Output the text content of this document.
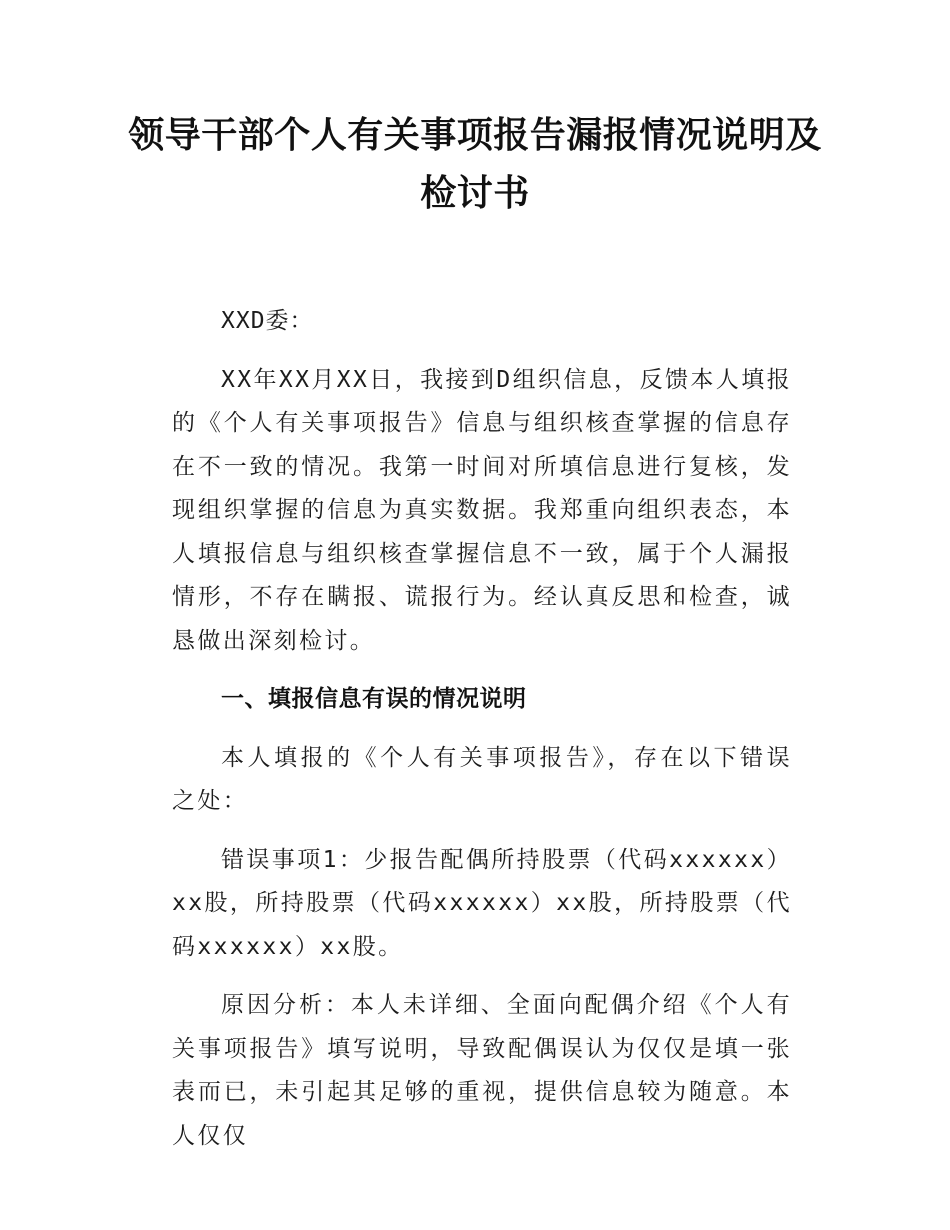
领导干部个人有关事项报告漏报情况说明及检讨书

XXD委：

XX年XX月XX日，我接到D组织信息，反馈本人填报的《个人有关事项报告》信息与组织核查掌握的信息存在不一致的情况。我第一时间对所填信息进行复核，发现组织掌握的信息为真实数据。我郑重向组织表态，本人填报信息与组织核查掌握信息不一致，属于个人漏报情形，不存在瞒报、谎报行为。经认真反思和检查，诚恳做出深刻检讨。

一、填报信息有误的情况说明

本人填报的《个人有关事项报告》，存在以下错误之处：

错误事项1：少报告配偶所持股票（代码xxxxxx）xx股，所持股票（代码xxxxxx）xx股，所持股票（代码xxxxxx）xx股。

原因分析：本人未详细、全面向配偶介绍《个人有关事项报告》填写说明，导致配偶误认为仅仅是填一张表而已，未引起其足够的重视，提供信息较为随意。本人仅仅
